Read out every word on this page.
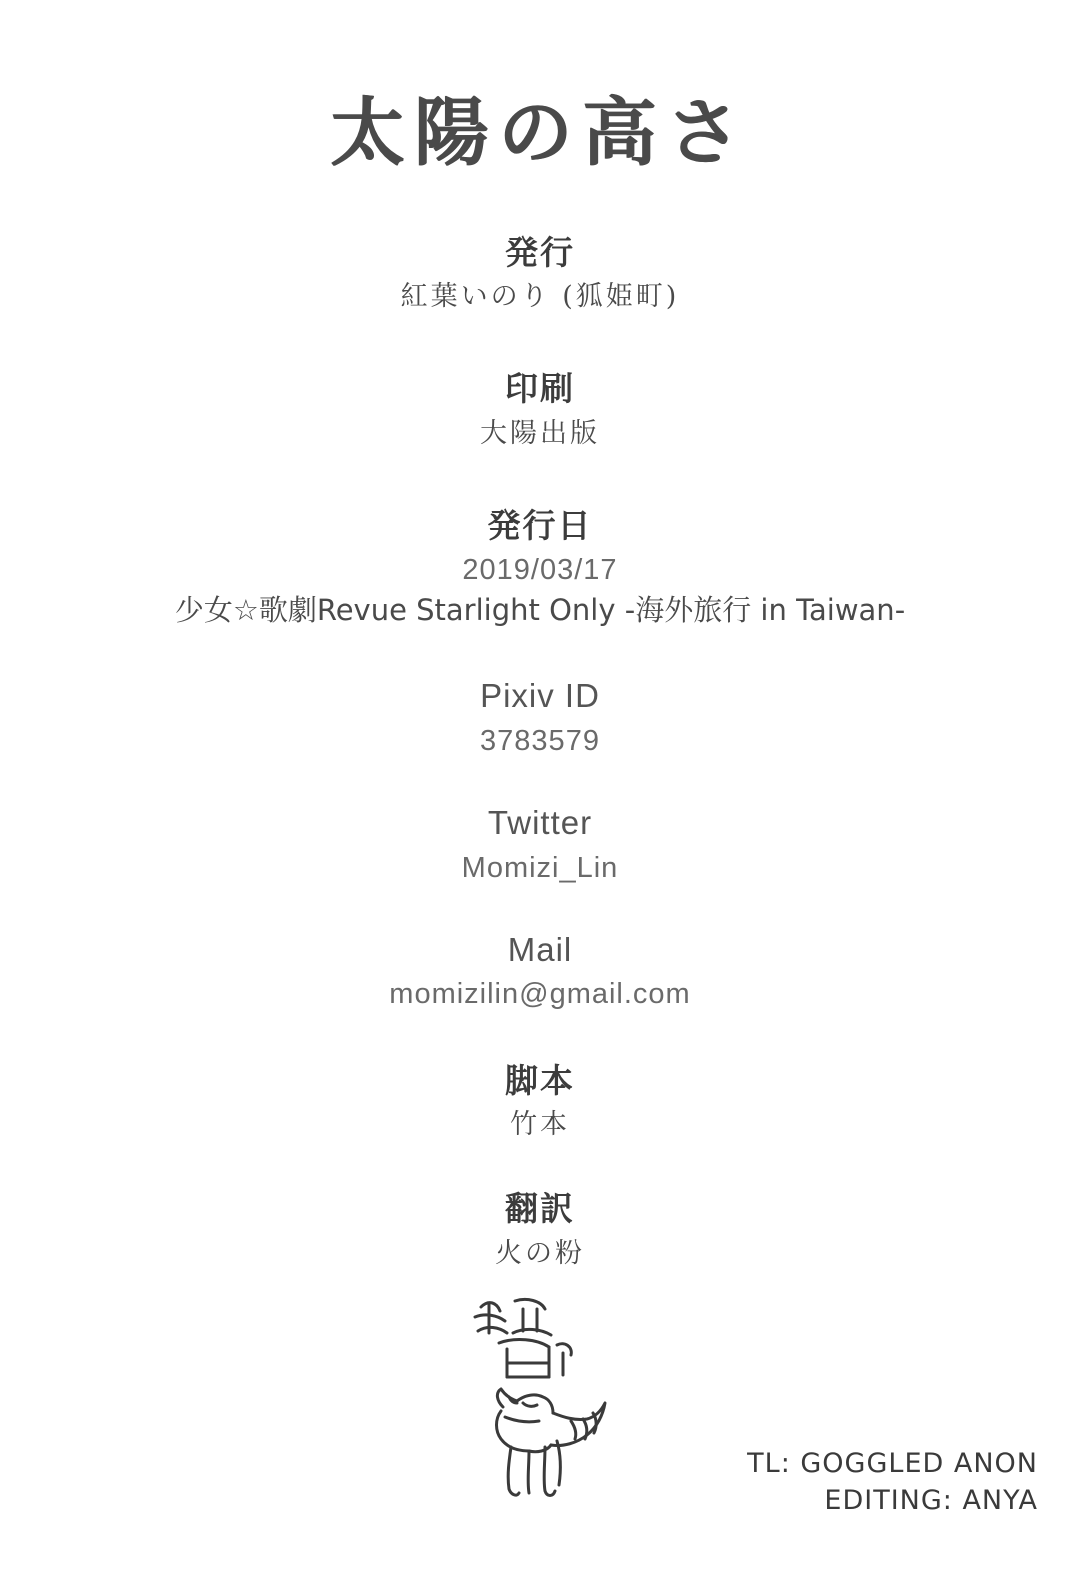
太陽の高さ
発行
紅葉いのり (狐姫町)
印刷
大陽出版
発行日
2019/03/17
少女☆歌劇Revue Starlight Only -海外旅行 in Taiwan-
Pixiv ID
3783579
Twitter
Momizi_Lin
Mail
momizilin@gmail.com
脚本
竹本
翻訳
火の粉
TL: GOGGLED ANON
EDITING: ANYA
